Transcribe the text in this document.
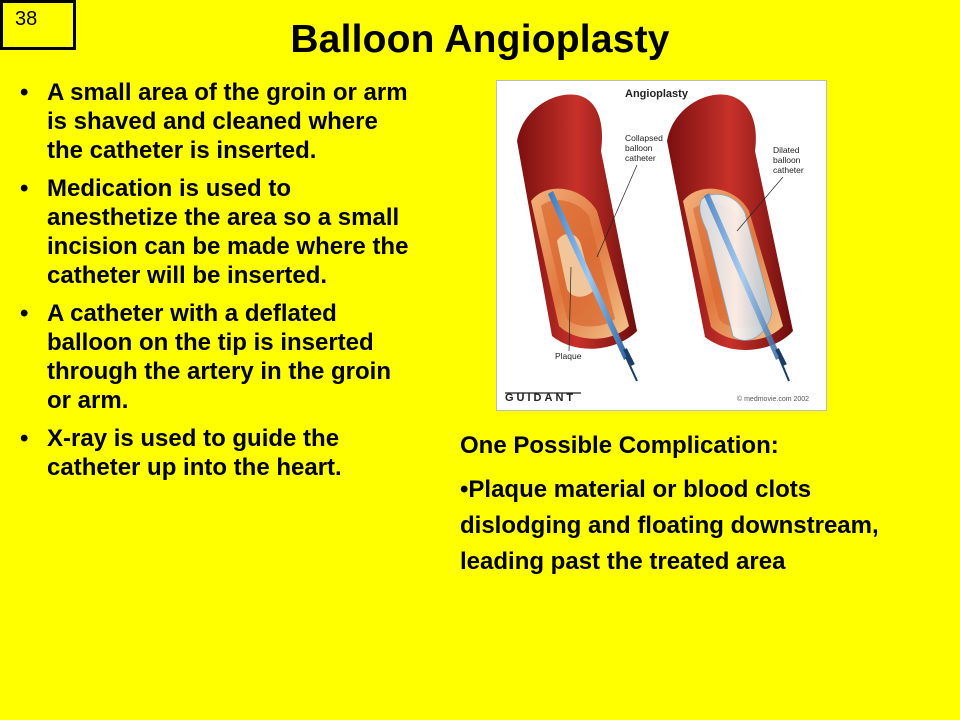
38	Balloon Angioplasty
• A small area of the groin or arm is shaved and cleaned where the catheter is inserted.
• Medication is used to anesthetize the area so a small incision can be made where the catheter will be inserted.
• A catheter with a deflated balloon on the tip is inserted through the artery in the groin or arm.
• X-ray is used to guide the catheter up into the heart.
Angioplasty
Collapsed
balloon
catheter
Dilated
balloon
catheter
Plaque
GUIDANT	© medmovie.com 2002
One Possible Complication:
•Plaque material or blood clots dislodging and floating downstream, leading past the treated area
